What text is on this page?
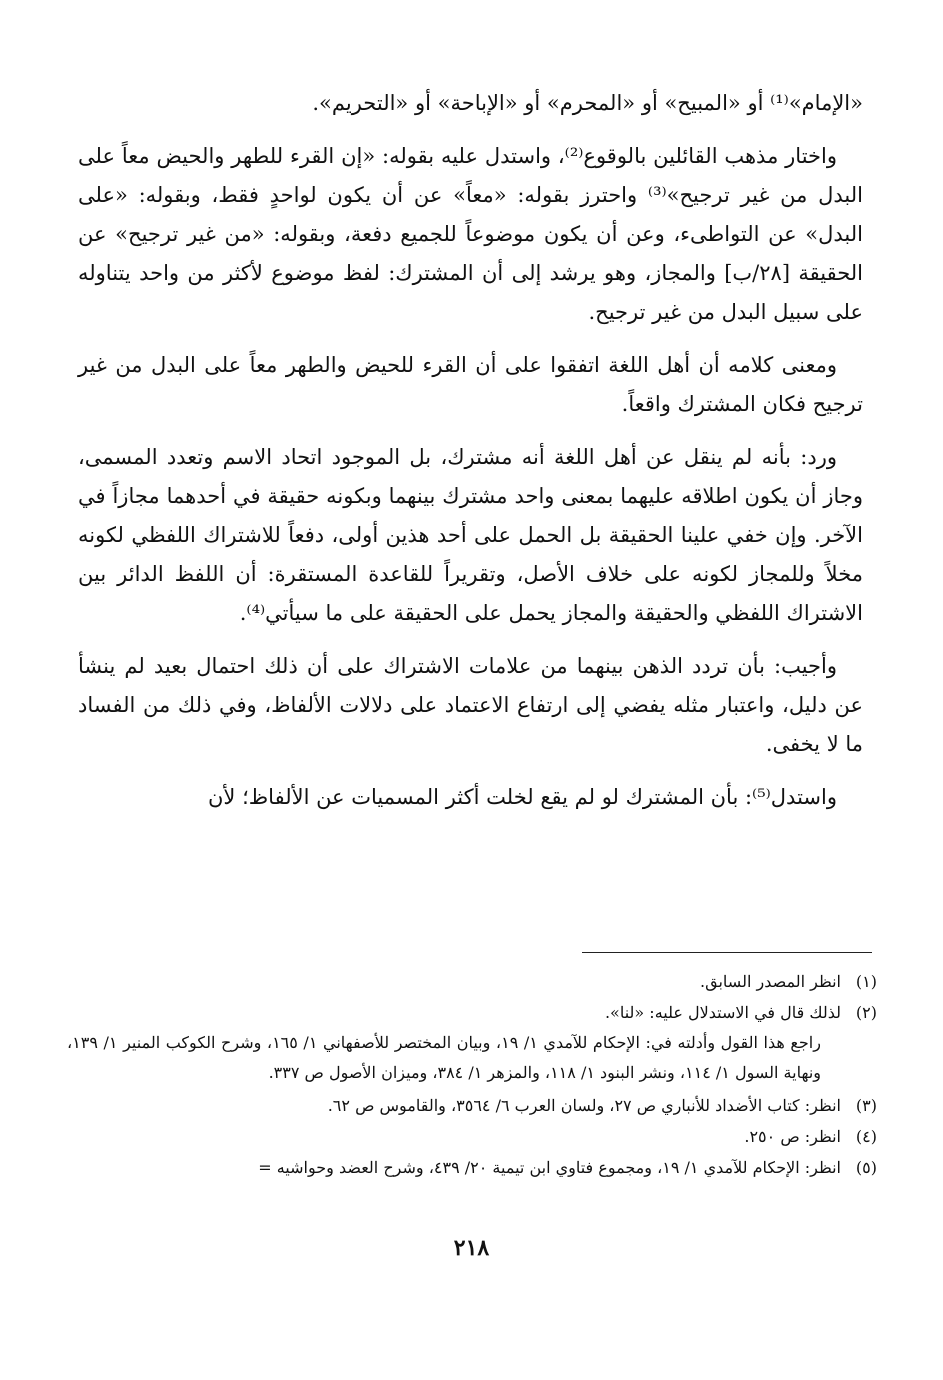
«الإمام»⁽¹⁾ أو «المبيح» أو «المحرم» أو «الإباحة» أو «التحريم».

واختار مذهب القائلين بالوقوع⁽²⁾، واستدل عليه بقوله: «إن القرء للطهر والحيض معاً على البدل من غير ترجيح»⁽³⁾ واحترز بقوله: «معاً» عن أن يكون لواحدٍ فقط، وبقوله: «على البدل» عن التواطىء، وعن أن يكون موضوعاً للجميع دفعة، وبقوله: «من غير ترجيح» عن الحقيقة [٢٨/ب] والمجاز، وهو يرشد إلى أن المشترك: لفظ موضوع لأكثر من واحد يتناوله على سبيل البدل من غير ترجيح.

ومعنى كلامه أن أهل اللغة اتفقوا على أن القرء للحيض والطهر معاً على البدل من غير ترجيح فكان المشترك واقعاً.

ورد: بأنه لم ينقل عن أهل اللغة أنه مشترك، بل الموجود اتحاد الاسم وتعدد المسمى، وجاز أن يكون اطلاقه عليهما بمعنى واحد مشترك بينهما وبكونه حقيقة في أحدهما مجازاً في الآخر. وإن خفي علينا الحقيقة بل الحمل على أحد هذين أولى، دفعاً للاشتراك اللفظي لكونه مخلاً وللمجاز لكونه على خلاف الأصل، وتقريراً للقاعدة المستقرة: أن اللفظ الدائر بين الاشتراك اللفظي والحقيقة والمجاز يحمل على الحقيقة على ما سيأتي⁽⁴⁾.

وأجيب: بأن تردد الذهن بينهما من علامات الاشتراك على أن ذلك احتمال بعيد لم ينشأ عن دليل، واعتبار مثله يفضي إلى ارتفاع الاعتماد على دلالات الألفاظ، وفي ذلك من الفساد ما لا يخفى.

واستدل⁽⁵⁾: بأن المشترك لو لم يقع لخلت أكثر المسميات عن الألفاظ؛ لأن

(١)انظر المصدر السابق.

(٢)لذلك قال في الاستدلال عليه: «لنا».

راجع هذا القول وأدلته في: الإحكام للآمدي ١/ ١٩، وبيان المختصر للأصفهاني ١/ ١٦٥، وشرح الكوكب المنير ١/ ١٣٩، ونهاية السول ١/ ١١٤، ونشر البنود ١/ ١١٨، والمزهر ١/ ٣٨٤، وميزان الأصول ص ٣٣٧.

(٣)انظر: كتاب الأضداد للأنباري ص ٢٧، ولسان العرب ٦/ ٣٥٦٤، والقاموس ص ٦٢.

(٤)انظر: ص ٢٥٠.

(٥)انظر: الإحكام للآمدي ١/ ١٩، ومجموع فتاوي ابن تيمية ٢٠/ ٤٣٩، وشرح العضد وحواشيه =

٢١٨
